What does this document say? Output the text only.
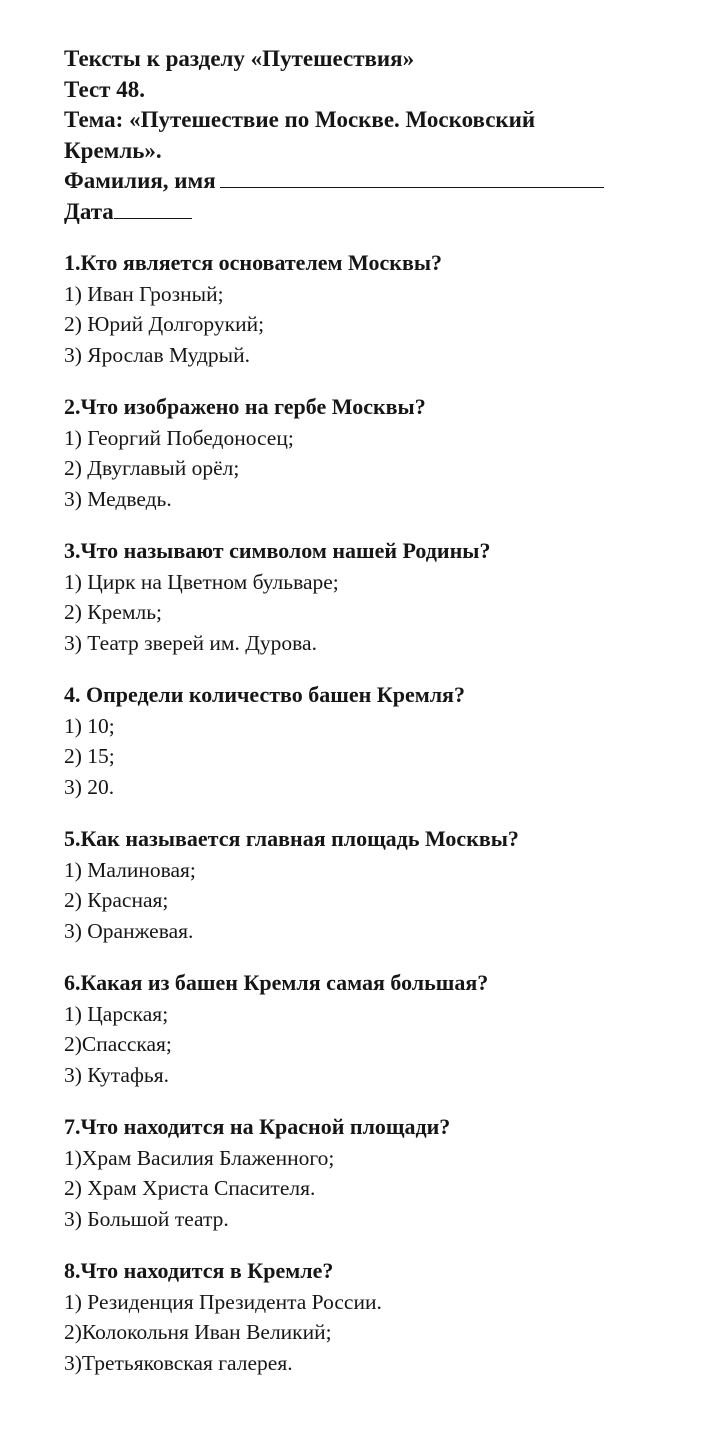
Тексты к разделу «Путешествия»
Тест 48.
Тема: «Путешествие по Москве. Московский
Кремль».
Фамилия, имя
Дата
1.Кто является основателем Москвы?
1) Иван Грозный;
2) Юрий Долгорукий;
3) Ярослав Мудрый.
2.Что изображено на гербе Москвы?
1) Георгий Победоносец;
2) Двуглавый орёл;
3) Медведь.
3.Что называют символом нашей Родины?
1) Цирк на Цветном бульваре;
2) Кремль;
3) Театр зверей им. Дурова.
4. Определи количество башен Кремля?
1) 10;
2) 15;
3) 20.
5.Как называется главная площадь Москвы?
1) Малиновая;
2) Красная;
3) Оранжевая.
6.Какая из башен Кремля самая большая?
1) Царская;
2)Спасская;
3) Кутафья.
7.Что находится на Красной площади?
1)Храм Василия Блаженного;
2) Храм Христа Спасителя.
3) Большой театр.
8.Что находится в Кремле?
1) Резиденция Президента России.
2)Колокольня Иван Великий;
3)Третьяковская галерея.
